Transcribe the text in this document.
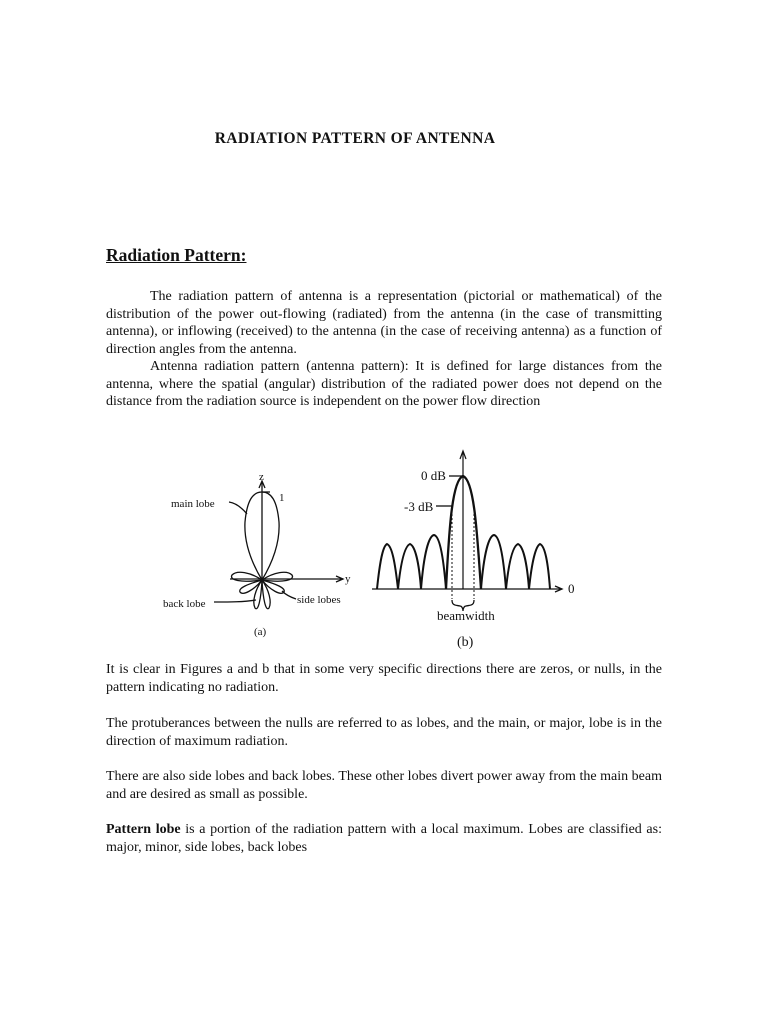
RADIATION PATTERN OF ANTENNA
Radiation Pattern:

The radiation pattern of antenna is a representation (pictorial or mathematical) of the distribution of the power out-flowing (radiated) from the antenna (in the case of transmitting antenna), or inflowing (received) to the antenna (in the case of receiving antenna) as a function of direction angles from the antenna.

Antenna radiation pattern (antenna pattern): It is defined for large distances from the antenna, where the spatial (angular) distribution of the radiated power does not depend on the distance from the radiation source is independent on the power flow direction

z
y
1
main lobe
back lobe	side lobes
(a)
0 dB
-3 dB
0
beamwidth
(b)

It is clear in Figures a and b that in some very specific directions there are zeros, or nulls, in the pattern indicating no radiation.

The protuberances between the nulls are referred to as lobes, and the main, or major, lobe is in the direction of maximum radiation.

There are also side lobes and back lobes. These other lobes divert power away from the main beam and are desired as small as possible.

Pattern lobe is a portion of the radiation pattern with a local maximum. Lobes are classified as: major, minor, side lobes, back lobes
